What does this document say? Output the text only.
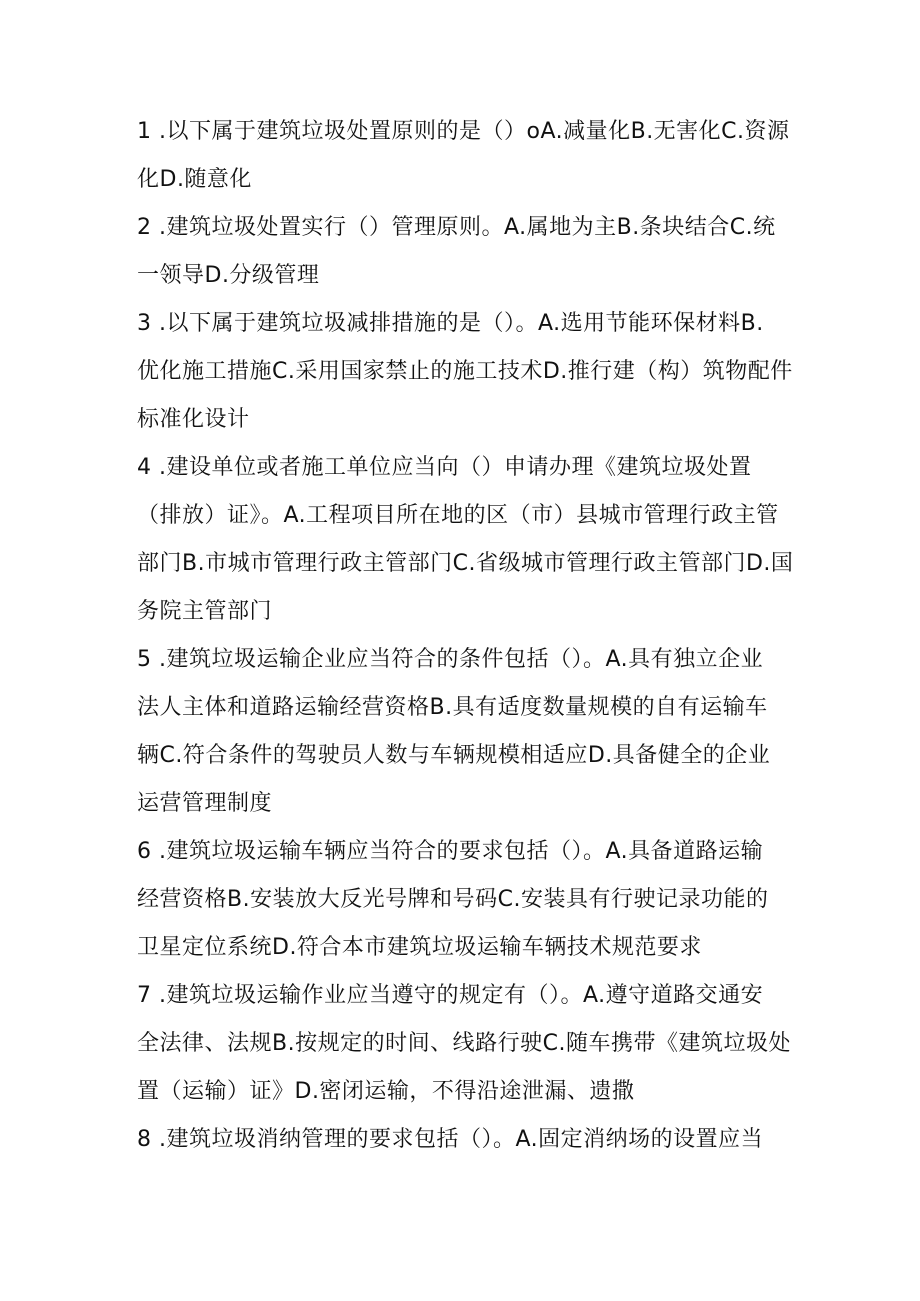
1 .以下属于建筑垃圾处置原则的是（）oA.减量化B.无害化C.资源
化D.随意化
2 .建筑垃圾处置实行（）管理原则。A.属地为主B.条块结合C.统
一领导D.分级管理
3 .以下属于建筑垃圾减排措施的是（）。A.选用节能环保材料B.
优化施工措施C.采用国家禁止的施工技术D.推行建（构）筑物配件
标准化设计
4 .建设单位或者施工单位应当向（）申请办理《建筑垃圾处置
（排放）证》。A.工程项目所在地的区（市）县城市管理行政主管
部门B.市城市管理行政主管部门C.省级城市管理行政主管部门D.国
务院主管部门
5 .建筑垃圾运输企业应当符合的条件包括（）。A.具有独立企业
法人主体和道路运输经营资格B.具有适度数量规模的自有运输车
辆C.符合条件的驾驶员人数与车辆规模相适应D.具备健全的企业
运营管理制度
6 .建筑垃圾运输车辆应当符合的要求包括（）。A.具备道路运输
经营资格B.安装放大反光号牌和号码C.安装具有行驶记录功能的
卫星定位系统D.符合本市建筑垃圾运输车辆技术规范要求
7 .建筑垃圾运输作业应当遵守的规定有（）。A.遵守道路交通安
全法律、法规B.按规定的时间、线路行驶C.随车携带《建筑垃圾处
置（运输）证》D.密闭运输，不得沿途泄漏、遗撒
8 .建筑垃圾消纳管理的要求包括（）。A.固定消纳场的设置应当
